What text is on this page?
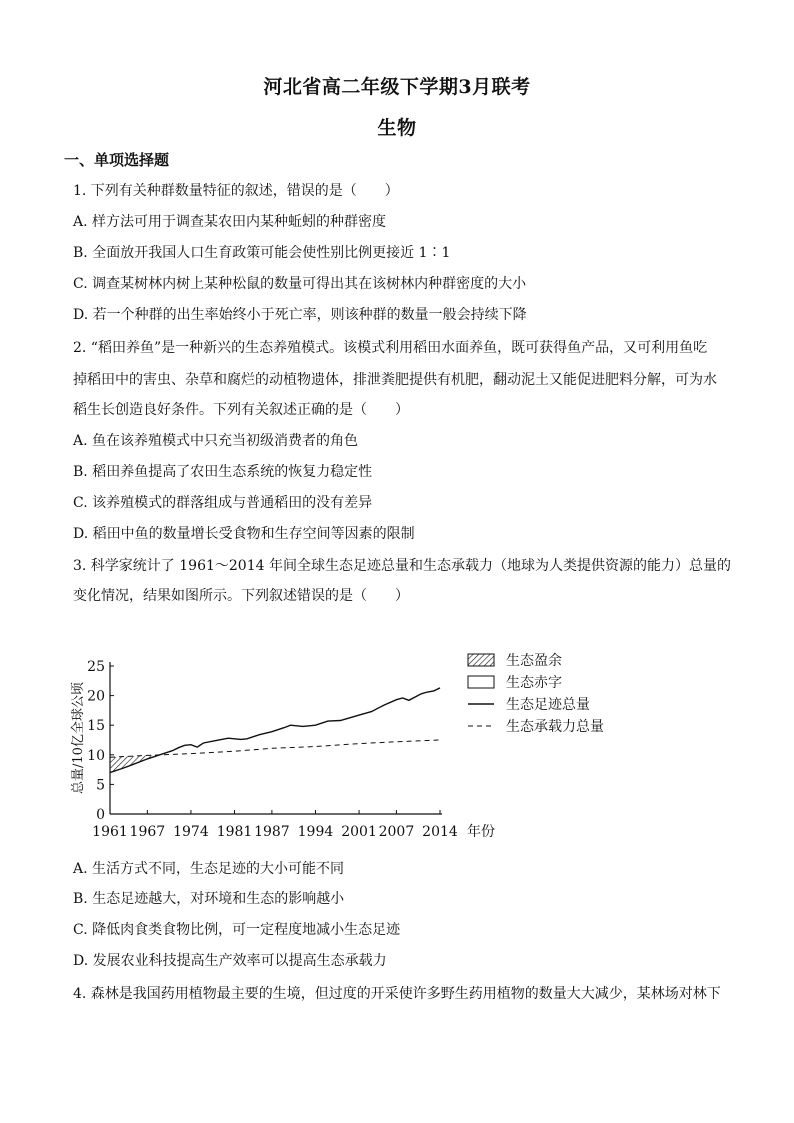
河北省高二年级下学期3月联考
生物
一、单项选择题
1. 下列有关种群数量特征的叙述，错误的是（　　）
A. 样方法可用于调查某农田内某种蚯蚓的种群密度
B. 全面放开我国人口生育政策可能会使性别比例更接近 1∶1
C. 调查某树林内树上某种松鼠的数量可得出其在该树林内种群密度的大小
D. 若一个种群的出生率始终小于死亡率，则该种群的数量一般会持续下降
2. “稻田养鱼”是一种新兴的生态养殖模式。该模式利用稻田水面养鱼，既可获得鱼产品，又可利用鱼吃
掉稻田中的害虫、杂草和腐烂的动植物遗体，排泄粪肥提供有机肥，翻动泥土又能促进肥料分解，可为水
稻生长创造良好条件。下列有关叙述正确的是（　　）
A. 鱼在该养殖模式中只充当初级消费者的角色
B. 稻田养鱼提高了农田生态系统的恢复力稳定性
C. 该养殖模式的群落组成与普通稻田的没有差异
D. 稻田中鱼的数量增长受食物和生存空间等因素的限制
3. 科学家统计了 1961～2014 年间全球生态足迹总量和生态承载力（地球为人类提供资源的能力）总量的
变化情况，结果如图所示。下列叙述错误的是（　　）
0
5
10
15
20
25
1961 1967 1974 1981 1987 1994 2001 2007 2014 年份
总量/10亿全球公顷
生态盈余
生态赤字
生态足迹总量
生态承载力总量
A. 生活方式不同，生态足迹的大小可能不同
B. 生态足迹越大，对环境和生态的影响越小
C. 降低肉食类食物比例，可一定程度地减小生态足迹
D. 发展农业科技提高生产效率可以提高生态承载力
4. 森林是我国药用植物最主要的生境，但过度的开采使许多野生药用植物的数量大大减少，某林场对林下
